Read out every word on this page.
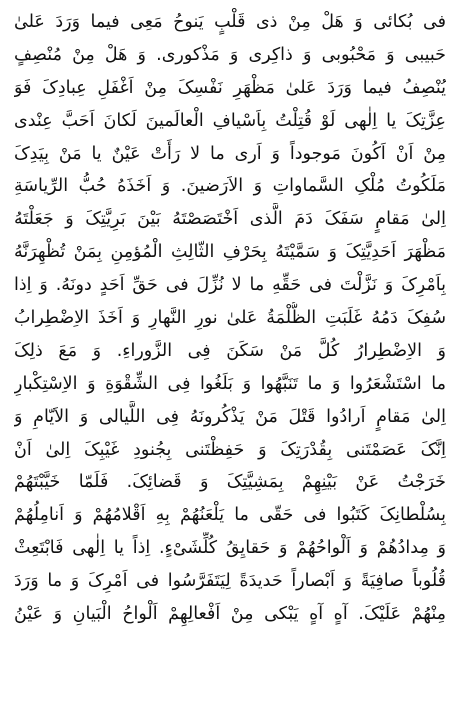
فی بُکائی وَ هَلْ مِنْ ذی قَلْبٍ یَنوحُ مَعِی فیما وَرَدَ عَلیٰ
حَبیبی وَ مَحْبُوبی وَ ذاکِری وَ مَذْکوری. وَ هَلْ مِنْ مُنْصِفٍ
یُنْصِفُ فیما وَرَدَ عَلیٰ مَظْهَرِ نَفْسِکَ مِنْ اَغْفَلِ عِبادِکَ فَوَ
عِزَّتِکَ یا اِلٰهی لَوْ قُتِلْتُ بِاَسْیافِ الْعالَمینَ لَکانَ اَحَبَّ عِنْدی
مِنْ اَنْ اَکُونَ مَوجوداً وَ اَری ما لا رَأَتْ عَیْنٌ یا مَنْ بِیَدِکَ
مَلَکُوتُ مُلْکِ السَّماواتِ وَ الاَرَضینَ. وَ اَخَذَهُ حُبُّ الرِّیاسَةِ
اِلیٰ مَقامٍ سَفَکَ دَمَ الَّذی اَخْتَصَصْتَهُ بَیْنَ بَرِیَّتِکَ وَ جَعَلْتَهُ
مَظْهَرَ اَحَدِیَّتِکَ وَ سَمَّیْتَهُ بِحَرْفِ الثّالِثِ الْمُؤمِنِ بِمَنْ تُظْهِرَنَّهُ
بِاَمْرِکَ وَ نَزَّلْتَ فی حَقِّهِ ما لا نُزِّلَ فی حَقِّ اَحَدٍ دونَهُ. وَ اِذا
سُفِکَ دَمُهُ غَلَبَتِ الظُّلْمَةُ عَلیٰ نورِ النَّهارِ وَ اَخَذَ الاِضْطِرابُ
وَ الاِضْطِرارُ کُلَّ مَنْ سَکَنَ فِی الزَّوراءِ. وَ مَعَ ذلِکَ
ما اسْتَشْعَرُوا وَ ما تَنَبَّهُوا وَ بَلَغُوا فِی الشِّقْوَةِ وَ الاِسْتِکْبارِ
اِلیٰ مَقامٍ اَرادُوا قَتْلَ مَنْ یَذْکُرونَهُ فِی اللَّیالی وَ الاَیّامِ وَ
اِنَّکَ عَصَمْتَنی بِقُدْرَتِکَ وَ حَفِظْتَنی بِجُنودِ غَیْبِکَ اِلیٰ اَنْ
خَرَجْتُ عَنْ بَیْنِهِمْ بِمَشِیَّتِکَ وَ قَضائِکَ. فَلَمّا خَیَّبْتَهُمْ
بِسُلْطانِکَ کَتَبُوا فی حَقّی ما یَلْعَنُهُمْ بِهِ اَقْلامُهُمْ وَ اَنامِلُهُمْ
وَ مِدادُهُمْ وَ اَلْواحُهُمْ وَ حَقایِقُ کُلِّشَیْءٍ. اِذاً یا اِلٰهی فَابْتَعِثْ
قُلُوباً صافِیَةً وَ اَبْصاراً حَدیدَةً لِیَتَفَرَّسُوا فی اَمْرِکَ وَ ما وَرَدَ
مِنْهُمْ عَلَیْکَ. آهٍ آهٍ یَبْکی مِنْ اَفْعالِهِمْ اَلْواحُ الْبَیانِ وَ عَیْنُ
